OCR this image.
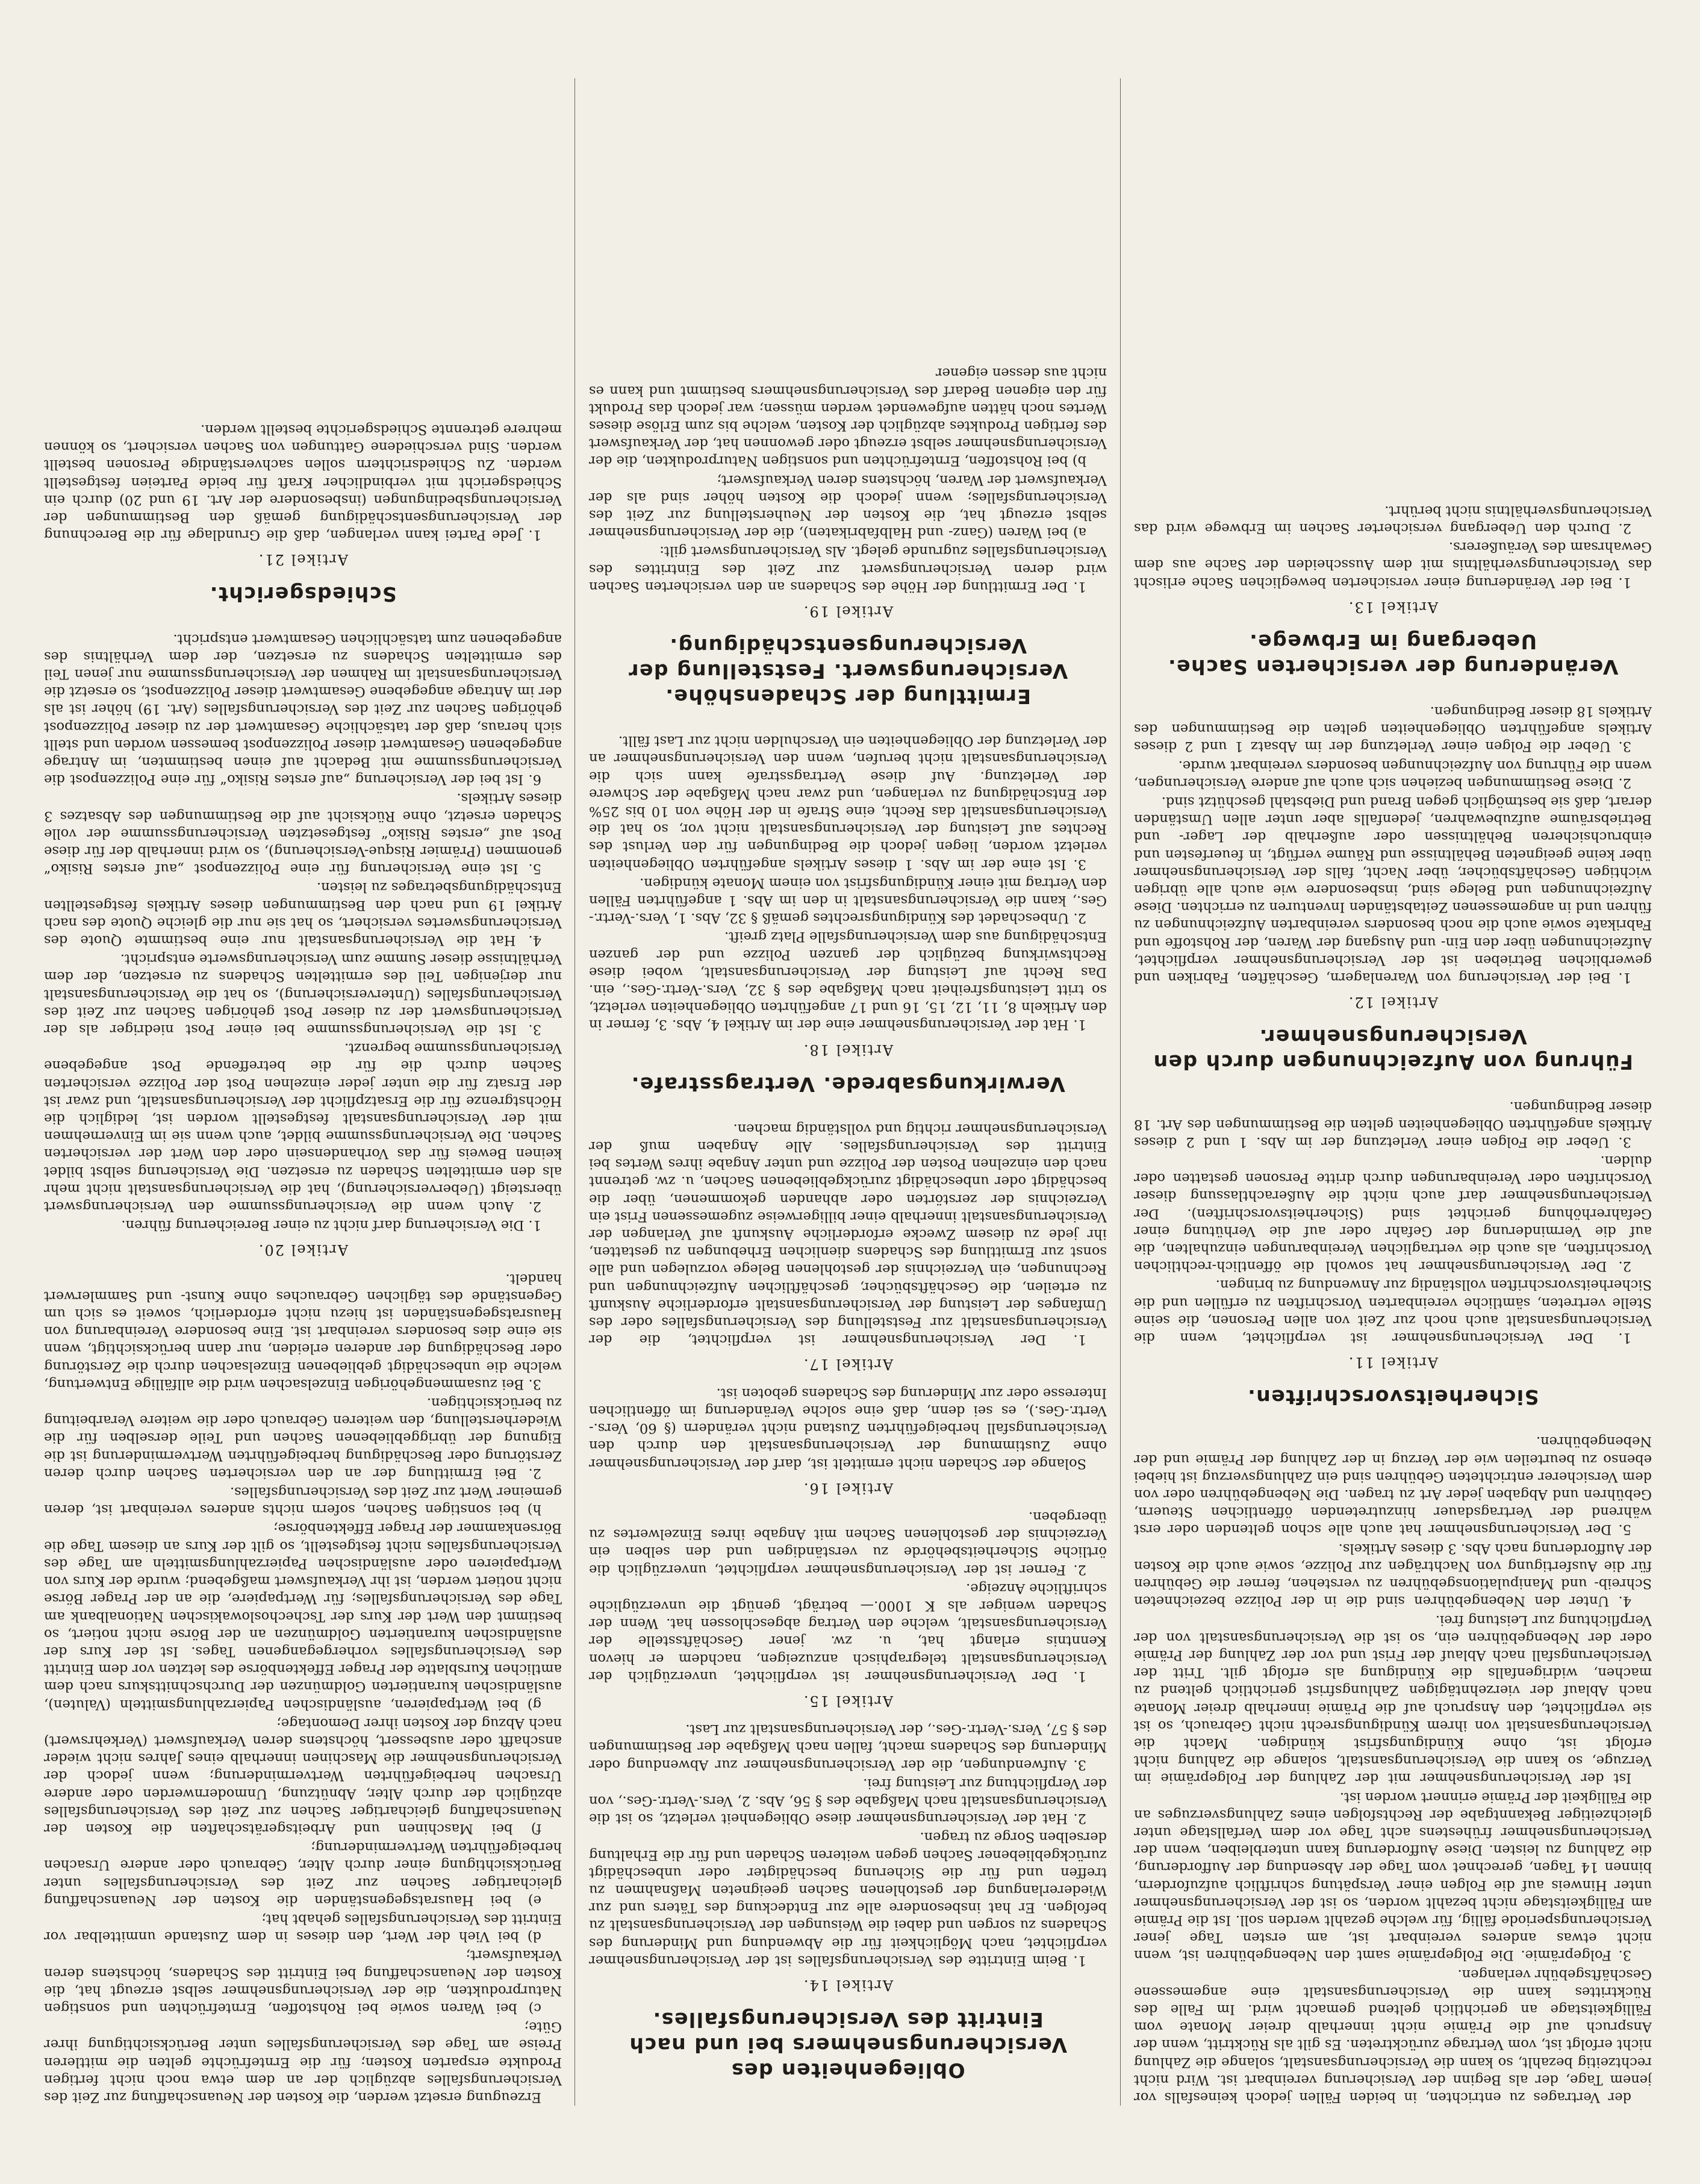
der Vertrages zu entrichten, in beiden Fällen jedoch keinesfalls vor jenem Tage, der als Beginn der Versicherung vereinbart ist. Wird nicht rechtzeitig bezahlt, so kann die Versicherungsanstalt, solange die Zahlung nicht erfolgt ist, vom Vertrage zurücktreten. Es gilt als Rücktritt, wenn der Anspruch auf die Prämie nicht innerhalb dreier Monate vom Fälligkeitstage an gerichtlich geltend gemacht wird. Im Falle des Rücktrittes kann die Versicherungsanstalt eine angemessene Geschäftsgebühr verlangen.

3. Folgeprämie. Die Folgeprämie samt den Nebengebühren ist, wenn nicht etwas anderes vereinbart ist, am ersten Tage jener Versicherungsperiode fällig, für welche gezahlt werden soll. Ist die Prämie am Fälligkeitstage nicht bezahlt worden, so ist der Versicherungsnehmer unter Hinweis auf die Folgen einer Verspätung schriftlich aufzufordern, binnen 14 Tagen, gerechnet vom Tage der Absendung der Aufforderung, die Zahlung zu leisten. Diese Aufforderung kann unterbleiben, wenn der Versicherungsnehmer frühestens acht Tage vor dem Verfallstage unter gleichzeitiger Bekanntgabe der Rechtsfolgen eines Zahlungsverzuges an die Fälligkeit der Prämie erinnert worden ist.

Ist der Versicherungsnehmer mit der Zahlung der Folgeprämie im Verzuge, so kann die Versicherungsanstalt, solange die Zahlung nicht erfolgt ist, ohne Kündigungsfrist kündigen. Macht die Versicherungsanstalt von ihrem Kündigungsrecht nicht Gebrauch, so ist sie verpflichtet, den Anspruch auf die Prämie innerhalb dreier Monate nach Ablauf der vierzehntägigen Zahlungsfrist gerichtlich geltend zu machen, widrigenfalls die Kündigung als erfolgt gilt. Tritt der Versicherungsfall nach Ablauf der Frist und vor der Zahlung der Prämie oder der Nebengebühren ein, so ist die Versicherungsanstalt von der Verpflichtung zur Leistung frei.

4. Unter den Nebengebühren sind die in der Polizze bezeichneten Schreib- und Manipulationsgebühren zu verstehen, ferner die Gebühren für die Ausfertigung von Nachträgen zur Polizze, sowie auch die Kosten der Aufforderung nach Abs. 3 dieses Artikels.

5. Der Versicherungsnehmer hat auch alle schon geltenden oder erst während der Vertragsdauer hinzutretenden öffentlichen Steuern, Gebühren und Abgaben jeder Art zu tragen. Die Nebengebühren oder von dem Versicherer entrichteten Gebühren sind ein Zahlungsverzug ist hiebei ebenso zu beurteilen wie der Verzug in der Zahlung der Prämie und der Nebengebühren.

Sicherheitsvorschriften.
Artikel 11.

1. Der Versicherungsnehmer ist verpflichtet, wenn die Versicherungsanstalt auch noch zur Zeit von allen Personen, die seine Stelle vertreten, sämtliche vereinbarten Vorschriften zu erfüllen und die Sicherheitsvorschriften vollständig zur Anwendung zu bringen.

2. Der Versicherungsnehmer hat sowohl die öffentlich-rechtlichen Vorschriften, als auch die vertraglichen Vereinbarungen einzuhalten, die auf die Verminderung der Gefahr oder auf die Verhütung einer Gefahrerhöhung gerichtet sind (Sicherheitsvorschriften). Der Versicherungsnehmer darf auch nicht die Außerachtlassung dieser Vorschriften oder Vereinbarungen durch dritte Personen gestatten oder dulden.

3. Ueber die Folgen einer Verletzung der im Abs. 1 und 2 dieses Artikels angeführten Obliegenheiten gelten die Bestimmungen des Art. 18 dieser Bedingungen.

Führung von Aufzeichnungen durch den Versicherungsnehmer.
Artikel 12.

1. Bei der Versicherung von Warenlagern, Geschäften, Fabriken und gewerblichen Betrieben ist der Versicherungsnehmer verpflichtet, Aufzeichnungen über den Ein- und Ausgang der Waren, der Rohstoffe und Fabrikate sowie auch die noch besonders vereinbarten Aufzeichnungen zu führen und in angemessenen Zeitabständen Inventuren zu errichten. Diese Aufzeichnungen und Belege sind, insbesondere wie auch alle übrigen wichtigen Geschäftsbücher, über Nacht, falls der Versicherungsnehmer über keine geeigneten Behältnisse und Räume verfügt, in feuerfesten und einbruchsicheren Behältnissen oder außerhalb der Lager- und Betriebsräume aufzubewahren, jedenfalls aber unter allen Umständen derart, daß sie bestmöglich gegen Brand und Diebstahl geschützt sind.

2. Diese Bestimmungen beziehen sich auch auf andere Versicherungen, wenn die Führung von Aufzeichnungen besonders vereinbart wurde.

3. Ueber die Folgen einer Verletzung der im Absatz 1 und 2 dieses Artikels angeführten Obliegenheiten gelten die Bestimmungen des Artikels 18 dieser Bedingungen.

Veränderung der versicherten Sache. Uebergang im Erbwege.
Artikel 13.

1. Bei der Veränderung einer versicherten beweglichen Sache erlischt das Versicherungsverhältnis mit dem Ausscheiden der Sache aus dem Gewahrsam des Veräußerers.

2. Durch den Uebergang versicherter Sachen im Erbwege wird das Versicherungsverhältnis nicht berührt.

Obliegenheiten des Versicherungsnehmers bei und nach Eintritt des Versicherungsfalles.
Artikel 14.

1. Beim Eintritte des Versicherungsfalles ist der Versicherungsnehmer verpflichtet, nach Möglichkeit für die Abwendung und Minderung des Schadens zu sorgen und dabei die Weisungen der Versicherungsanstalt zu befolgen. Er hat insbesondere alle zur Entdeckung des Täters und zur Wiedererlangung der gestohlenen Sachen geeigneten Maßnahmen zu treffen und für die Sicherung beschädigter oder unbeschädigt zurückgebliebener Sachen gegen weiteren Schaden und für die Erhaltung derselben Sorge zu tragen.

2. Hat der Versicherungsnehmer diese Obliegenheit verletzt, so ist die Versicherungsanstalt nach Maßgabe des § 56, Abs. 2, Vers.-Vertr.-Ges., von der Verpflichtung zur Leistung frei.

3. Aufwendungen, die der Versicherungsnehmer zur Abwendung oder Minderung des Schadens macht, fallen nach Maßgabe der Bestimmungen des § 57, Vers.-Vertr.-Ges., der Versicherungsanstalt zur Last.

Artikel 15.

1. Der Versicherungsnehmer ist verpflichtet, unverzüglich der Versicherungsanstalt telegraphisch anzuzeigen, nachdem er hievon Kenntnis erlangt hat, u. zw. jener Geschäftsstelle der Versicherungsanstalt, welche den Vertrag abgeschlossen hat. Wenn der Schaden weniger als K 1000.— beträgt, genügt die unverzügliche schriftliche Anzeige.

2. Ferner ist der Versicherungsnehmer verpflichtet, unverzüglich die örtliche Sicherheitsbehörde zu verständigen und den selben ein Verzeichnis der gestohlenen Sachen mit Angabe ihres Einzelwertes zu übergeben.

Artikel 16.

Solange der Schaden nicht ermittelt ist, darf der Versicherungsnehmer ohne Zustimmung der Versicherungsanstalt den durch den Versicherungsfall herbeigeführten Zustand nicht verändern (§ 60, Vers.-Vertr.-Ges.), es sei denn, daß eine solche Veränderung im öffentlichen Interesse oder zur Minderung des Schadens geboten ist.

Artikel 17.

1. Der Versicherungsnehmer ist verpflichtet, die der Versicherungsanstalt zur Feststellung des Versicherungsfalles oder des Umfanges der Leistung der Versicherungsanstalt erforderliche Auskunft zu erteilen, die Geschäftsbücher, geschäftlichen Aufzeichnungen und Rechnungen, ein Verzeichnis der gestohlenen Belege vorzulegen und alle sonst zur Ermittlung des Schadens dienlichen Erhebungen zu gestatten, ihr jede zu diesem Zwecke erforderliche Auskunft auf Verlangen der Versicherungsanstalt innerhalb einer billigerweise zugemessenen Frist ein Verzeichnis der zerstörten oder abhanden gekommenen, über die beschädigt oder unbeschädigt zurückgebliebenen Sachen, u. zw. getrennt nach den einzelnen Posten der Polizze und unter Angabe ihres Wertes bei Eintritt des Versicherungsfalles. Alle Angaben muß der Versicherungsnehmer richtig und vollständig machen.

Verwirkungsabrede. Vertragsstrafe.
Artikel 18.

1. Hat der Versicherungsnehmer eine der im Artikel 4, Abs. 3, ferner in den Artikeln 8, 11, 12, 15, 16 und 17 angeführten Obliegenheiten verletzt, so tritt Leistungsfreiheit nach Maßgabe des § 32, Vers.-Vertr.-Ges., ein. Das Recht auf Leistung der Versicherungsanstalt, wobei diese Rechtswirkung bezüglich der ganzen Polizze und der ganzen Entschädigung aus dem Versicherungsfalle Platz greift.

2. Unbeschadet des Kündigungsrechtes gemäß § 32, Abs. 1, Vers.-Vertr.-Ges., kann die Versicherungsanstalt in den im Abs. 1 angeführten Fällen den Vertrag mit einer Kündigungsfrist von einem Monate kündigen.

3. Ist eine der im Abs. 1 dieses Artikels angeführten Obliegenheiten verletzt worden, liegen jedoch die Bedingungen für den Verlust des Rechtes auf Leistung der Versicherungsanstalt nicht vor, so hat die Versicherungsanstalt das Recht, eine Strafe in der Höhe von 10 bis 25% der Entschädigung zu verlangen, und zwar nach Maßgabe der Schwere der Verletzung. Auf diese Vertragsstrafe kann sich die Versicherungsanstalt nicht berufen, wenn den Versicherungsnehmer an der Verletzung der Obliegenheiten ein Verschulden nicht zur Last fällt.

Ermittlung der Schadenshöhe. Versicherungswert. Feststellung der Versicherungsentschädigung.
Artikel 19.

1. Der Ermittlung der Höhe des Schadens an den versicherten Sachen wird deren Versicherungswert zur Zeit des Eintrittes des Versicherungsfalles zugrunde gelegt. Als Versicherungswert gilt:

a) bei Waren (Ganz- und Halbfabrikaten), die der Versicherungsnehmer selbst erzeugt hat, die Kosten der Neuherstellung zur Zeit des Versicherungsfalles; wenn jedoch die Kosten höher sind als der Verkaufswert der Waren, höchstens deren Verkaufswert;

b) bei Rohstoffen, Erntefrüchten und sonstigen Naturprodukten, die der Versicherungsnehmer selbst erzeugt oder gewonnen hat, der Verkaufswert des fertigen Produktes abzüglich der Kosten, welche bis zum Erlöse dieses Wertes noch hätten aufgewendet werden müssen; war jedoch das Produkt für den eigenen Bedarf des Versicherungsnehmers bestimmt und kann es nicht aus dessen eigener

Erzeugung ersetzt werden, die Kosten der Neuanschaffung zur Zeit des Versicherungsfalles abzüglich der an dem etwa noch nicht fertigen Produkte ersparten Kosten; für die Erntefrüchte gelten die mittleren Preise am Tage des Versicherungsfalles unter Berücksichtigung ihrer Güte;

c) bei Waren sowie bei Rohstoffen, Erntefrüchten und sonstigen Naturprodukten, die der Versicherungsnehmer selbst erzeugt hat, die Kosten der Neuanschaffung bei Eintritt des Schadens, höchstens deren Verkaufswert;

d) bei Vieh der Wert, den dieses in dem Zustande unmittelbar vor Eintritt des Versicherungsfalles gehabt hat;

e) bei Hausratsgegenständen die Kosten der Neuanschaffung gleichartiger Sachen zur Zeit des Versicherungsfalles unter Berücksichtigung einer durch Alter, Gebrauch oder andere Ursachen herbeigeführten Wertverminderung;

f) bei Maschinen und Arbeitsgerätschaften die Kosten der Neuanschaffung gleichartiger Sachen zur Zeit des Versicherungsfalles abzüglich der durch Alter, Abnützung, Unmodernwerden oder andere Ursachen herbeigeführten Wertverminderung; wenn jedoch der Versicherungsnehmer die Maschinen innerhalb eines Jahres nicht wieder anschafft oder ausbessert, höchstens deren Verkaufswert (Verkehrswert) nach Abzug der Kosten ihrer Demontage;

g) bei Wertpapieren, ausländischen Papierzahlungsmitteln (Valuten), ausländischen kurantierten Goldmünzen der Durchschnittskurs nach dem amtlichen Kursblatte der Prager Effektenbörse des letzten vor dem Eintritt des Versicherungsfalles vorhergegangenen Tages. Ist der Kurs der ausländischen kurantierten Goldmünzen an der Börse nicht notiert, so bestimmt den Wert der Kurs der Tschechoslowakischen Nationalbank am Tage des Versicherungsfalles; für Wertpapiere, die an der Prager Börse nicht notiert werden, ist ihr Verkaufswert maßgebend; wurde der Kurs von Wertpapieren oder ausländischen Papierzahlungsmitteln am Tage des Versicherungsfalles nicht festgestellt, so gilt der Kurs an diesem Tage die Börsenkammer der Prager Effektenbörse;

h) bei sonstigen Sachen, sofern nichts anderes vereinbart ist, deren gemeiner Wert zur Zeit des Versicherungsfalles.

2. Bei Ermittlung der an den versicherten Sachen durch deren Zerstörung oder Beschädigung herbeigeführten Wertverminderung ist die Eignung der übriggebliebenen Sachen und Teile derselben für die Wiederherstellung, den weiteren Gebrauch oder die weitere Verarbeitung zu berücksichtigen.

3. Bei zusammengehörigen Einzelsachen wird die allfällige Entwertung, welche die unbeschädigt gebliebenen Einzelsachen durch die Zerstörung oder Beschädigung der anderen erleiden, nur dann berücksichtigt, wenn sie eine dies besonders vereinbart ist. Eine besondere Vereinbarung von Hausratsgegenständen ist hiezu nicht erforderlich, soweit es sich um Gegenstände des täglichen Gebrauches ohne Kunst- und Sammlerwert handelt.

Artikel 20.

1. Die Versicherung darf nicht zu einer Bereicherung führen.

2. Auch wenn die Versicherungssumme den Versicherungswert übersteigt (Ueberversicherung), hat die Versicherungsanstalt nicht mehr als den ermittelten Schaden zu ersetzen. Die Versicherung selbst bildet keinen Beweis für das Vorhandensein oder den Wert der versicherten Sachen. Die Versicherungssumme bildet, auch wenn sie im Einvernehmen mit der Versicherungsanstalt festgestellt worden ist, lediglich die Höchstgrenze für die Ersatzpflicht der Versicherungsanstalt, und zwar ist der Ersatz für die unter jeder einzelnen Post der Polizze versicherten Sachen durch die für die betreffende Post angegebene Versicherungssumme begrenzt.

3. Ist die Versicherungssumme bei einer Post niedriger als der Versicherungswert der zu dieser Post gehörigen Sachen zur Zeit des Versicherungsfalles (Unterversicherung), so hat die Versicherungsanstalt nur derjenigen Teil des ermittelten Schadens zu ersetzen, der dem Verhältnisse dieser Summe zum Versicherungswerte entspricht.

4. Hat die Versicherungsanstalt nur eine bestimmte Quote des Versicherungswertes versichert, so hat sie nur die gleiche Quote des nach Artikel 19 und nach den Bestimmungen dieses Artikels festgestellten Entschädigungsbetrages zu leisten.

5. Ist eine Versicherung für eine Polizzenpost „auf erstes Risiko“ genommen (Prämier Risque-Versicherung), so wird innerhalb der für diese Post auf „erstes Risiko“ festgesetzten Versicherungssumme der volle Schaden ersetzt, ohne Rücksicht auf die Bestimmungen des Absatzes 3 dieses Artikels.

6. Ist bei der Versicherung „auf erstes Risiko“ für eine Polizzenpost die Versicherungssumme mit Bedacht auf einen bestimmten, im Antrage angegebenen Gesamtwert dieser Polizzenpost bemessen worden und stellt sich heraus, daß der tatsächliche Gesamtwert der zu dieser Polizzenpost gehörigen Sachen zur Zeit des Versicherungsfalles (Art. 19) höher ist als der im Antrage angegebene Gesamtwert dieser Polizzenpost, so ersetzt die Versicherungsanstalt im Rahmen der Versicherungssumme nur jenen Teil des ermittelten Schadens zu ersetzen, der dem Verhältnis des angegebenen zum tatsächlichen Gesamtwert entspricht.

Schiedsgericht.
Artikel 21.

1. Jede Partei kann verlangen, daß die Grundlage für die Berechnung der Versicherungsentschädigung gemäß den Bestimmungen der Versicherungsbedingungen (insbesondere der Art. 19 und 20) durch ein Schiedsgericht mit verbindlicher Kraft für beide Parteien festgestellt werden. Zu Schiedsrichtern sollen sachverständige Personen bestellt werden. Sind verschiedene Gattungen von Sachen versichert, so können mehrere getrennte Schiedsgerichte bestellt werden.
